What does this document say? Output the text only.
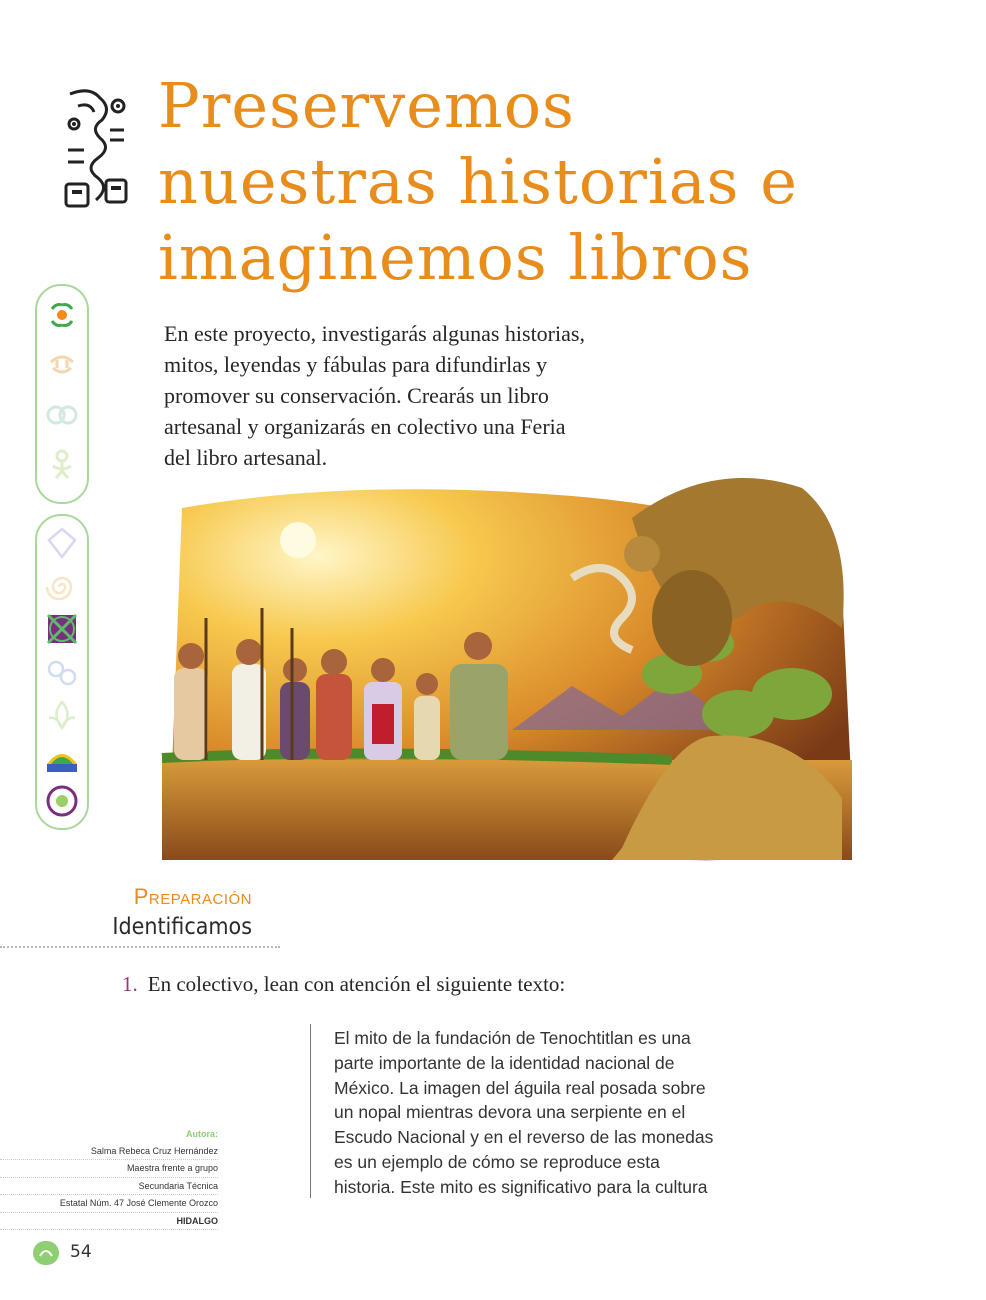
Preservemos
nuestras historias e
imaginemos libros
En este proyecto, investigarás algunas historias,
mitos, leyendas y fábulas para difundirlas y
promover su conservación. Crearás un libro
artesanal y organizarás en colectivo una Feria
del libro artesanal.
Preparación
Identificamos
1. En colectivo, lean con atención el siguiente texto:
El mito de la fundación de Tenochtitlan es una
parte importante de la identidad nacional de
México. La imagen del águila real posada sobre
un nopal mientras devora una serpiente en el
Escudo Nacional y en el reverso de las monedas
es un ejemplo de cómo se reproduce esta
historia. Este mito es significativo para la cultura
Autora:
Salma Rebeca Cruz Hernández
Maestra frente a grupo
Secundaria Técnica
Estatal Núm. 47 José Clemente Orozco
HIDALGO
54
